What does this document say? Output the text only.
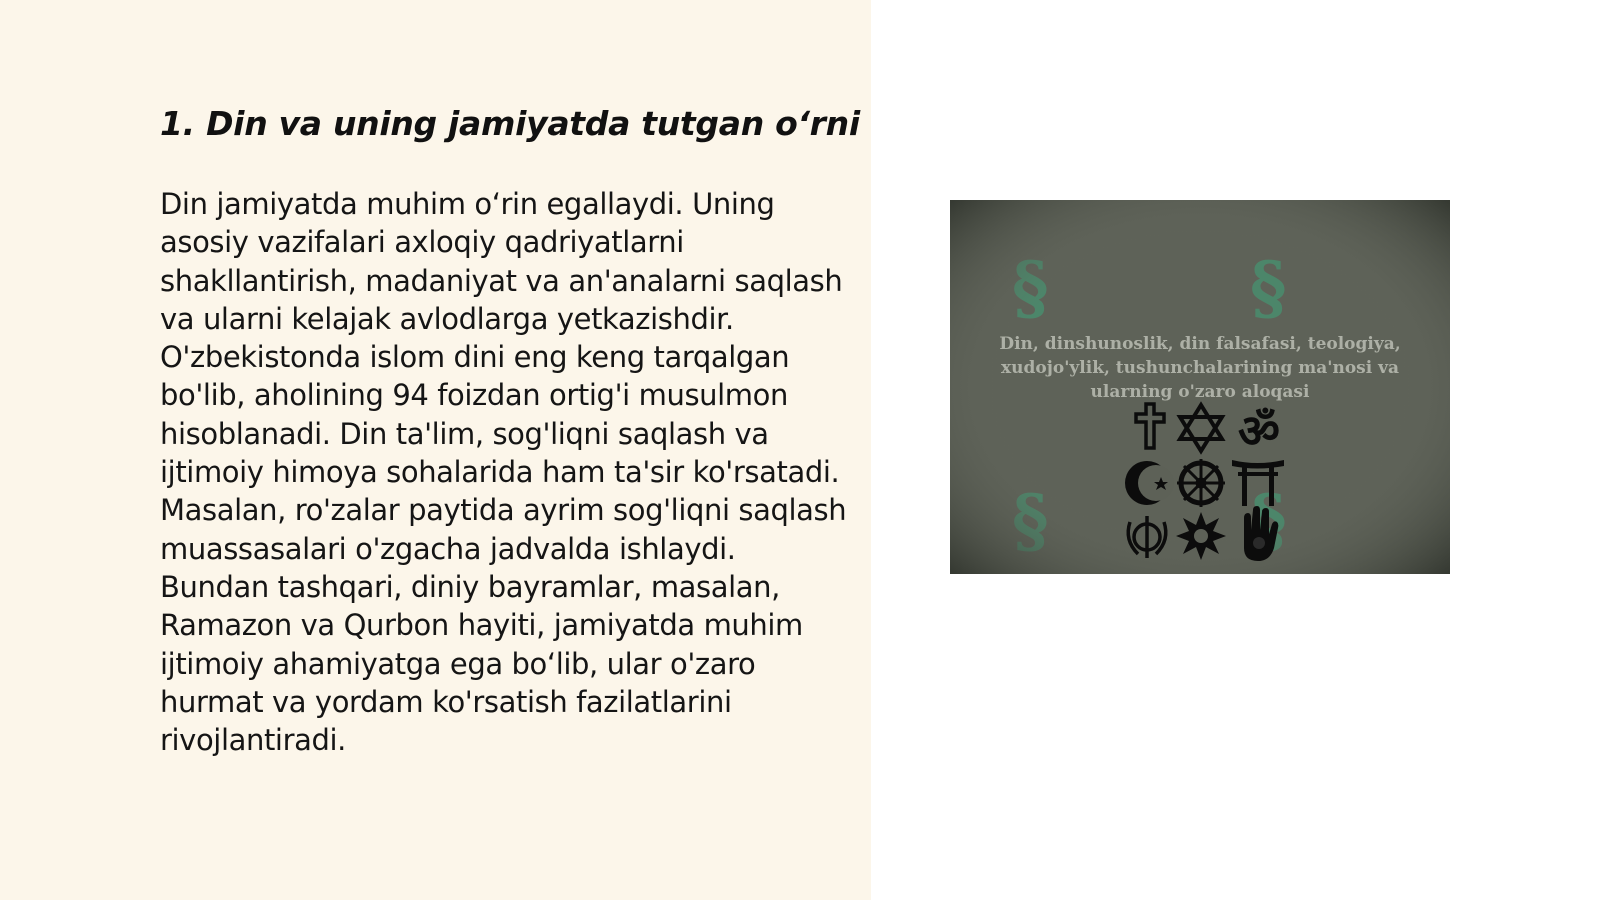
1. Din va uning jamiyatda tutgan o‘rni

Din jamiyatda muhim o‘rin egallaydi. Uning asosiy vazifalari axloqiy qadriyatlarni shakllantirish, madaniyat va an'analarni saqlash va ularni kelajak avlodlarga yetkazishdir. O'zbekistonda islom dini eng keng tarqalgan bo'lib, aholining 94 foizdan ortig'i musulmon hisoblanadi. Din ta'lim, sog'liqni saqlash va ijtimoiy himoya sohalarida ham ta'sir ko'rsatadi. Masalan, ro'zalar paytida ayrim sog'liqni saqlash muassasalari o'zgacha jadvalda ishlaydi. Bundan tashqari, diniy bayramlar, masalan, Ramazon va Qurbon hayiti, jamiyatda muhim ijtimoiy ahamiyatga ega bo‘lib, ular o'zaro hurmat va yordam ko'rsatish fazilatlarini rivojlantiradi.

ॐ
Din, dinshunoslik, din falsafasi, teologiya, xudojo'ylik, tushunchalarining ma'nosi va ularning o'zaro aloqasi
